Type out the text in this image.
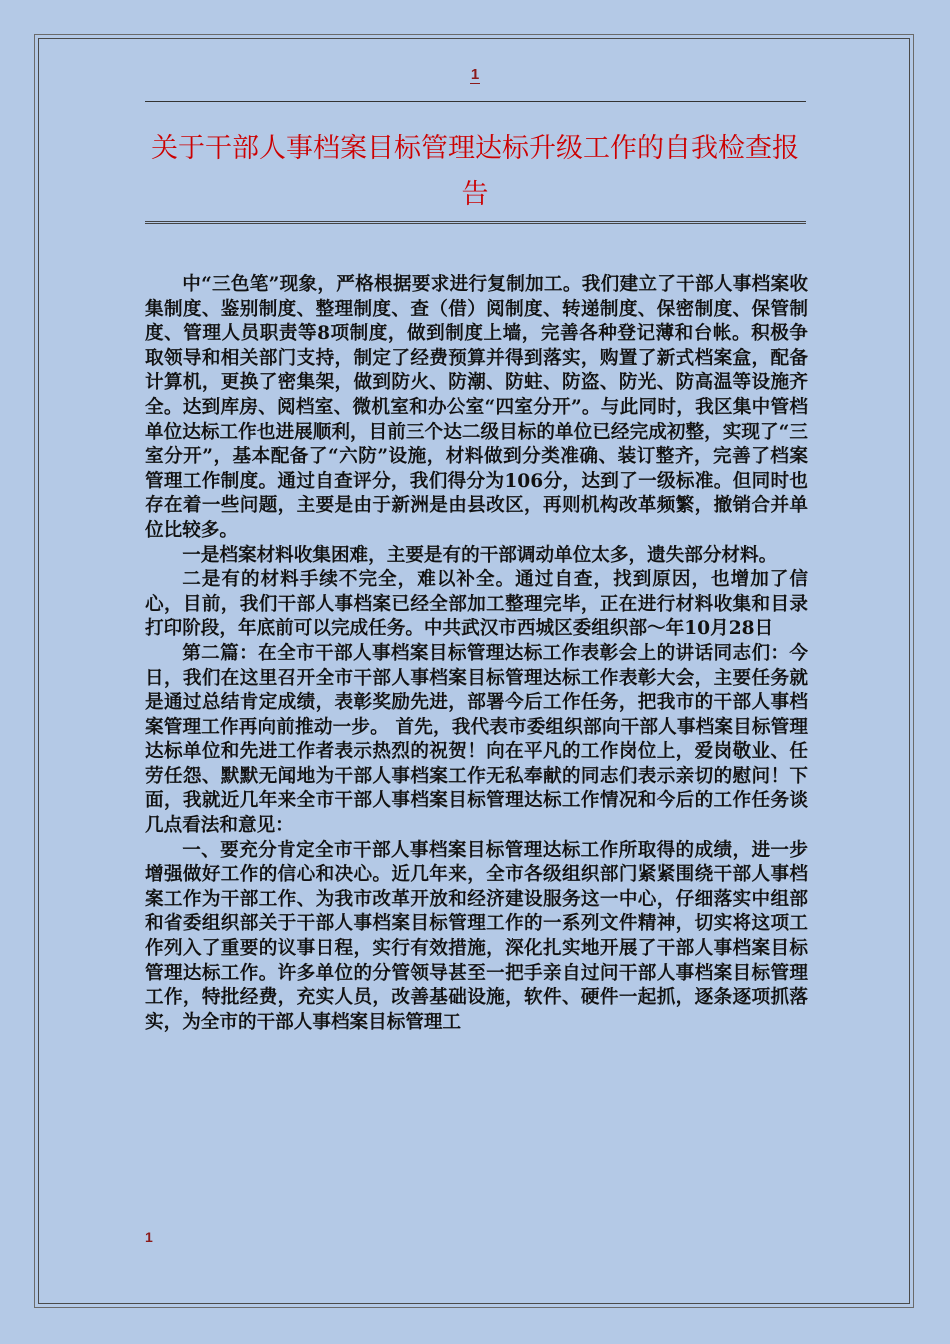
1
关于干部人事档案目标管理达标升级工作的自我检查报告

中“三色笔”现象，严格根据要求进行复制加工。我们建立了干部人事档案收集制度、鉴别制度、整理制度、查（借）阅制度、转递制度、保密制度、保管制度、管理人员职责等8项制度，做到制度上墙，完善各种登记薄和台帐。积极争取领导和相关部门支持，制定了经费预算并得到落实，购置了新式档案盒，配备计算机，更换了密集架，做到防火、防潮、防蛀、防盗、防光、防高温等设施齐全。达到库房、阅档室、微机室和办公室“四室分开”。与此同时，我区集中管档单位达标工作也进展顺利，目前三个达二级目标的单位已经完成初整，实现了“三室分开”，基本配备了“六防”设施，材料做到分类准确、装订整齐，完善了档案管理工作制度。通过自查评分，我们得分为106分，达到了一级标准。但同时也存在着一些问题，主要是由于新洲是由县改区，再则机构改革频繁，撤销合并单位比较多。

一是档案材料收集困难，主要是有的干部调动单位太多，遗失部分材料。

二是有的材料手续不完全，难以补全。通过自查，找到原因，也增加了信心，目前，我们干部人事档案已经全部加工整理完毕，正在进行材料收集和目录打印阶段，年底前可以完成任务。中共武汉市西城区委组织部～年10月28日

第二篇：在全市干部人事档案目标管理达标工作表彰会上的讲话同志们：今日，我们在这里召开全市干部人事档案目标管理达标工作表彰大会，主要任务就是通过总结肯定成绩，表彰奖励先进，部署今后工作任务，把我市的干部人事档案管理工作再向前推动一步。 首先，我代表市委组织部向干部人事档案目标管理达标单位和先进工作者表示热烈的祝贺！向在平凡的工作岗位上，爱岗敬业、任劳任怨、默默无闻地为干部人事档案工作无私奉献的同志们表示亲切的慰问！下面，我就近几年来全市干部人事档案目标管理达标工作情况和今后的工作任务谈几点看法和意见：

一、要充分肯定全市干部人事档案目标管理达标工作所取得的成绩，进一步增强做好工作的信心和决心。近几年来，全市各级组织部门紧紧围绕干部人事档案工作为干部工作、为我市改革开放和经济建设服务这一中心，仔细落实中组部和省委组织部关于干部人事档案目标管理工作的一系列文件精神，切实将这项工作列入了重要的议事日程，实行有效措施，深化扎实地开展了干部人事档案目标管理达标工作。许多单位的分管领导甚至一把手亲自过问干部人事档案目标管理工作，特批经费，充实人员，改善基础设施，软件、硬件一起抓，逐条逐项抓落实，为全市的干部人事档案目标管理工

1
